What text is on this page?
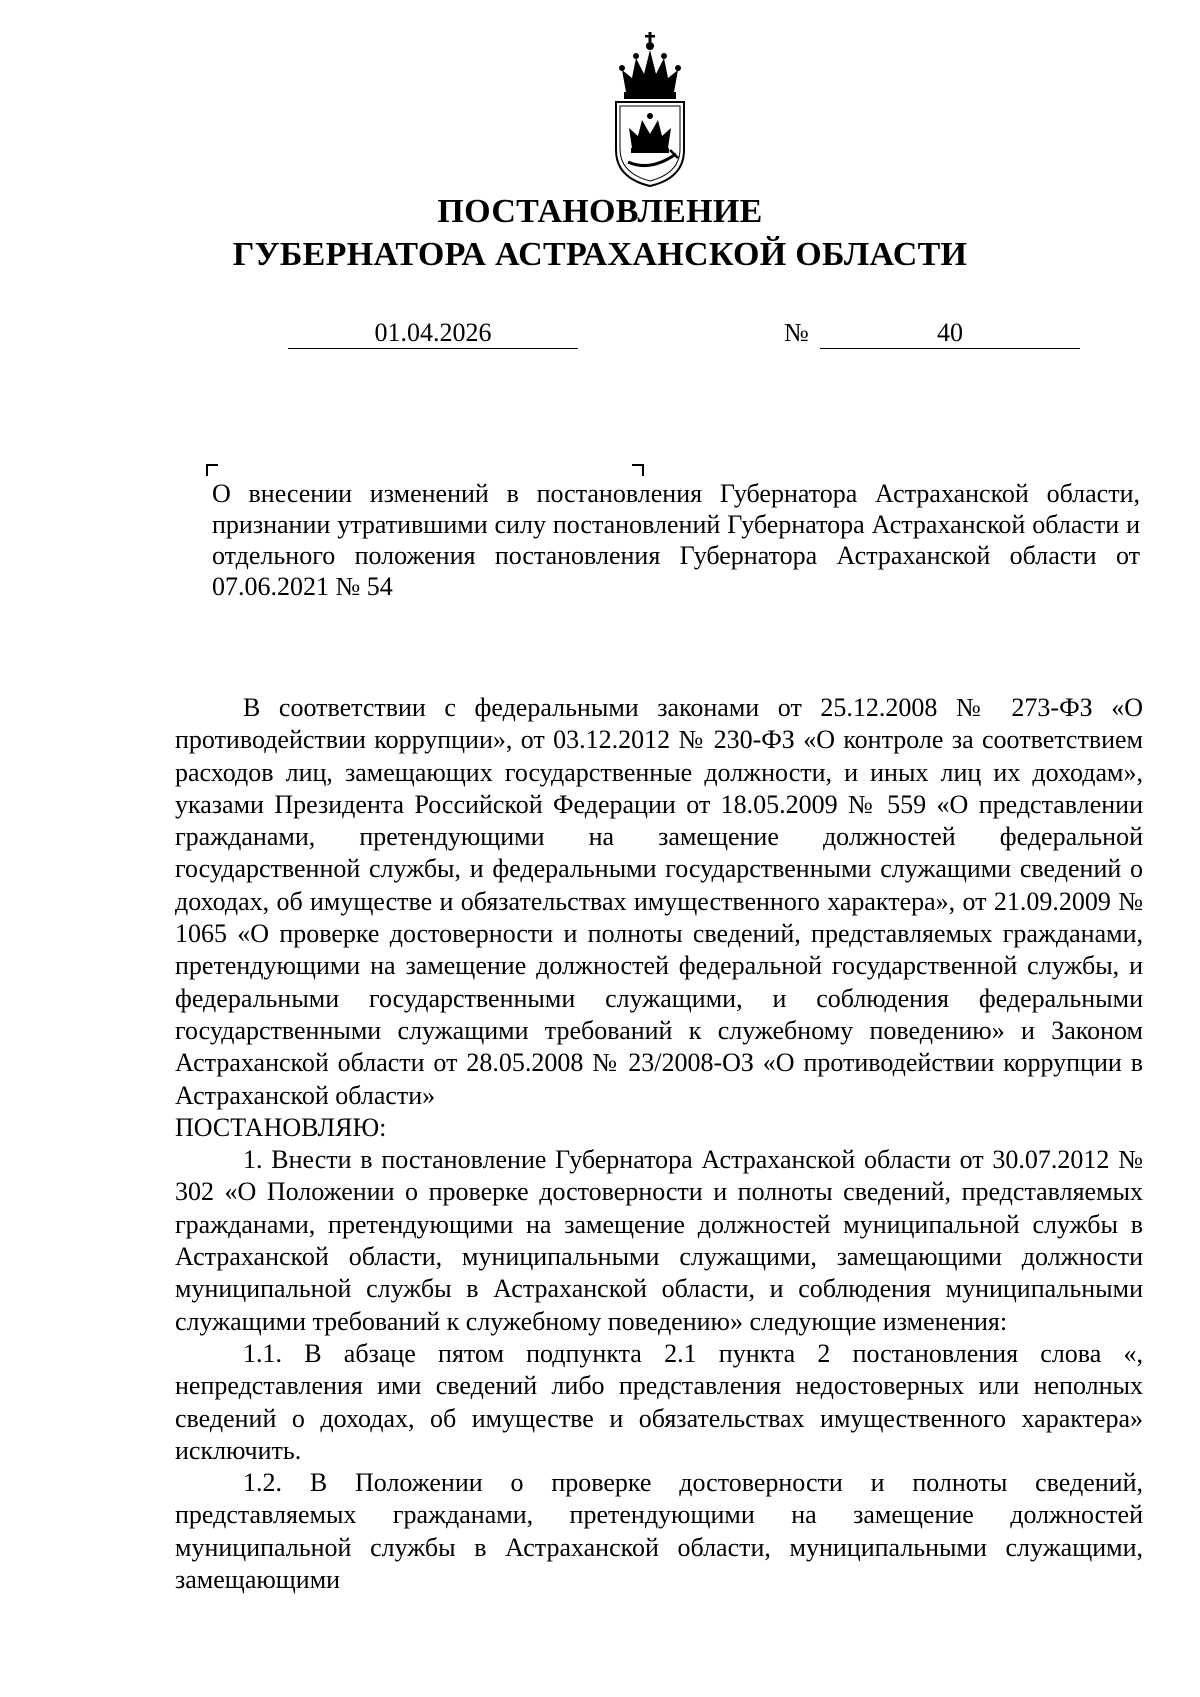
ПОСТАНОВЛЕНИЕ
ГУБЕРНАТОРА АСТРАХАНСКОЙ ОБЛАСТИ
01.04.2026	№	40

О внесении изменений в постановления Губернатора Астраханской области, признании утратившими силу постановлений Губернатора Астраханской области и отдельного положения постановления Губернатора Астраханской области от 07.06.2021 № 54

В соответствии с федеральными законами от 25.12.2008 № 273-ФЗ «О противодействии коррупции», от 03.12.2012 № 230-ФЗ «О контроле за соответствием расходов лиц, замещающих государственные должности, и иных лиц их доходам», указами Президента Российской Федерации от 18.05.2009 № 559 «О представлении гражданами, претендующими на замещение должностей федеральной государственной службы, и федеральными государственными служащими сведений о доходах, об имуществе и обязательствах имущественного характера», от 21.09.2009 № 1065 «О проверке достоверности и полноты сведений, представляемых гражданами, претендующими на замещение должностей федеральной государственной службы, и федеральными государственными служащими, и соблюдения федеральными государственными служащими требований к служебному поведению» и Законом Астраханской области от 28.05.2008 № 23/2008-ОЗ «О противодействии коррупции в Астраханской области»

ПОСТАНОВЛЯЮ:

1. Внести в постановление Губернатора Астраханской области от 30.07.2012 № 302 «О Положении о проверке достоверности и полноты сведений, представляемых гражданами, претендующими на замещение должностей муниципальной службы в Астраханской области, муниципальными служащими, замещающими должности муниципальной службы в Астраханской области, и соблюдения муниципальными служащими требований к служебному поведению» следующие изменения:

1.1. В абзаце пятом подпункта 2.1 пункта 2 постановления слова «, непредставления ими сведений либо представления недостоверных или неполных сведений о доходах, об имуществе и обязательствах имущественного характера» исключить.

1.2. В Положении о проверке достоверности и полноты сведений, представляемых гражданами, претендующими на замещение должностей муниципальной службы в Астраханской области, муниципальными служащими, замещающими
